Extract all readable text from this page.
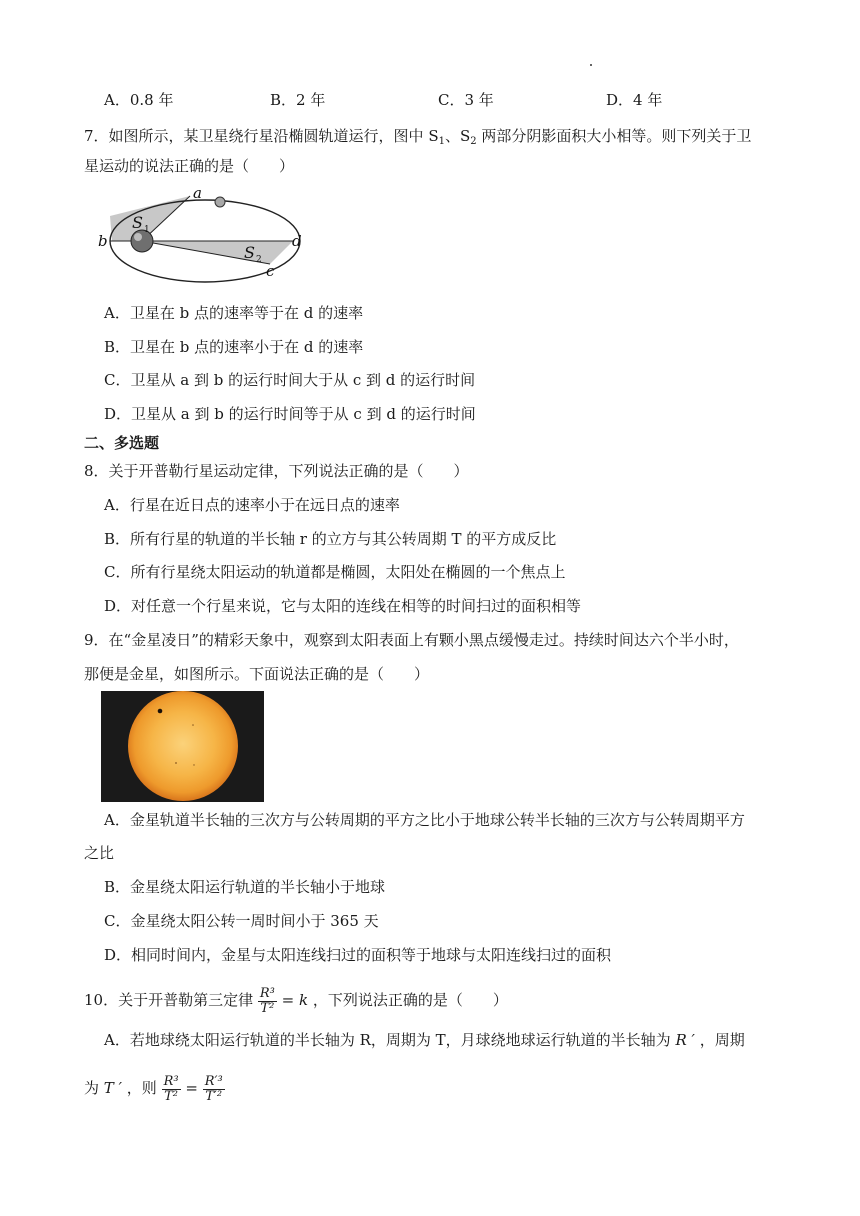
A．0.8 年	B．2 年	C．3 年	D．4 年
7．如图所示，某卫星绕行星沿椭圆轨道运行，图中 $S_1$、$S_2$ 两部分阴影面积大小相等。则下列关于卫
星运动的说法正确的是（　　）
a
b	d
c
S 1
S 2
A．卫星在 b 点的速率等于在 d 的速率
B．卫星在 b 点的速率小于在 d 的速率
C．卫星从 a 到 b 的运行时间大于从 c 到 d 的运行时间
D．卫星从 a 到 b 的运行时间等于从 c 到 d 的运行时间
二、多选题
8．关于开普勒行星运动定律，下列说法正确的是（　　）
A．行星在近日点的速率小于在远日点的速率
B．所有行星的轨道的半长轴 r 的立方与其公转周期 T 的平方成反比
C．所有行星绕太阳运动的轨道都是椭圆，太阳处在椭圆的一个焦点上
D．对任意一个行星来说，它与太阳的连线在相等的时间扫过的面积相等
9．在“金星凌日”的精彩天象中，观察到太阳表面上有颗小黑点缓慢走过。持续时间达六个半小时，
那便是金星，如图所示。下面说法正确的是（　　）
A．金星轨道半长轴的三次方与公转周期的平方之比小于地球公转半长轴的三次方与公转周期平方
之比
B．金星绕太阳运行轨道的半长轴小于地球
C．金星绕太阳公转一周时间小于 365 天
D．相同时间内，金星与太阳连线扫过的面积等于地球与太阳连线扫过的面积
10．关于开普勒第三定律 $\frac{\text{R³}}{\text{T²}} = k$ ，下列说法正确的是（　　）
A．若地球绕太阳运行轨道的半长轴为 R，周期为 T，月球绕地球运行轨道的半长轴为 R ′ ，周期
为 T ′ ，则 $\frac{\text{R³}}{\text{T²}} = \frac{\text{R′³}}{\text{T′²}}$
